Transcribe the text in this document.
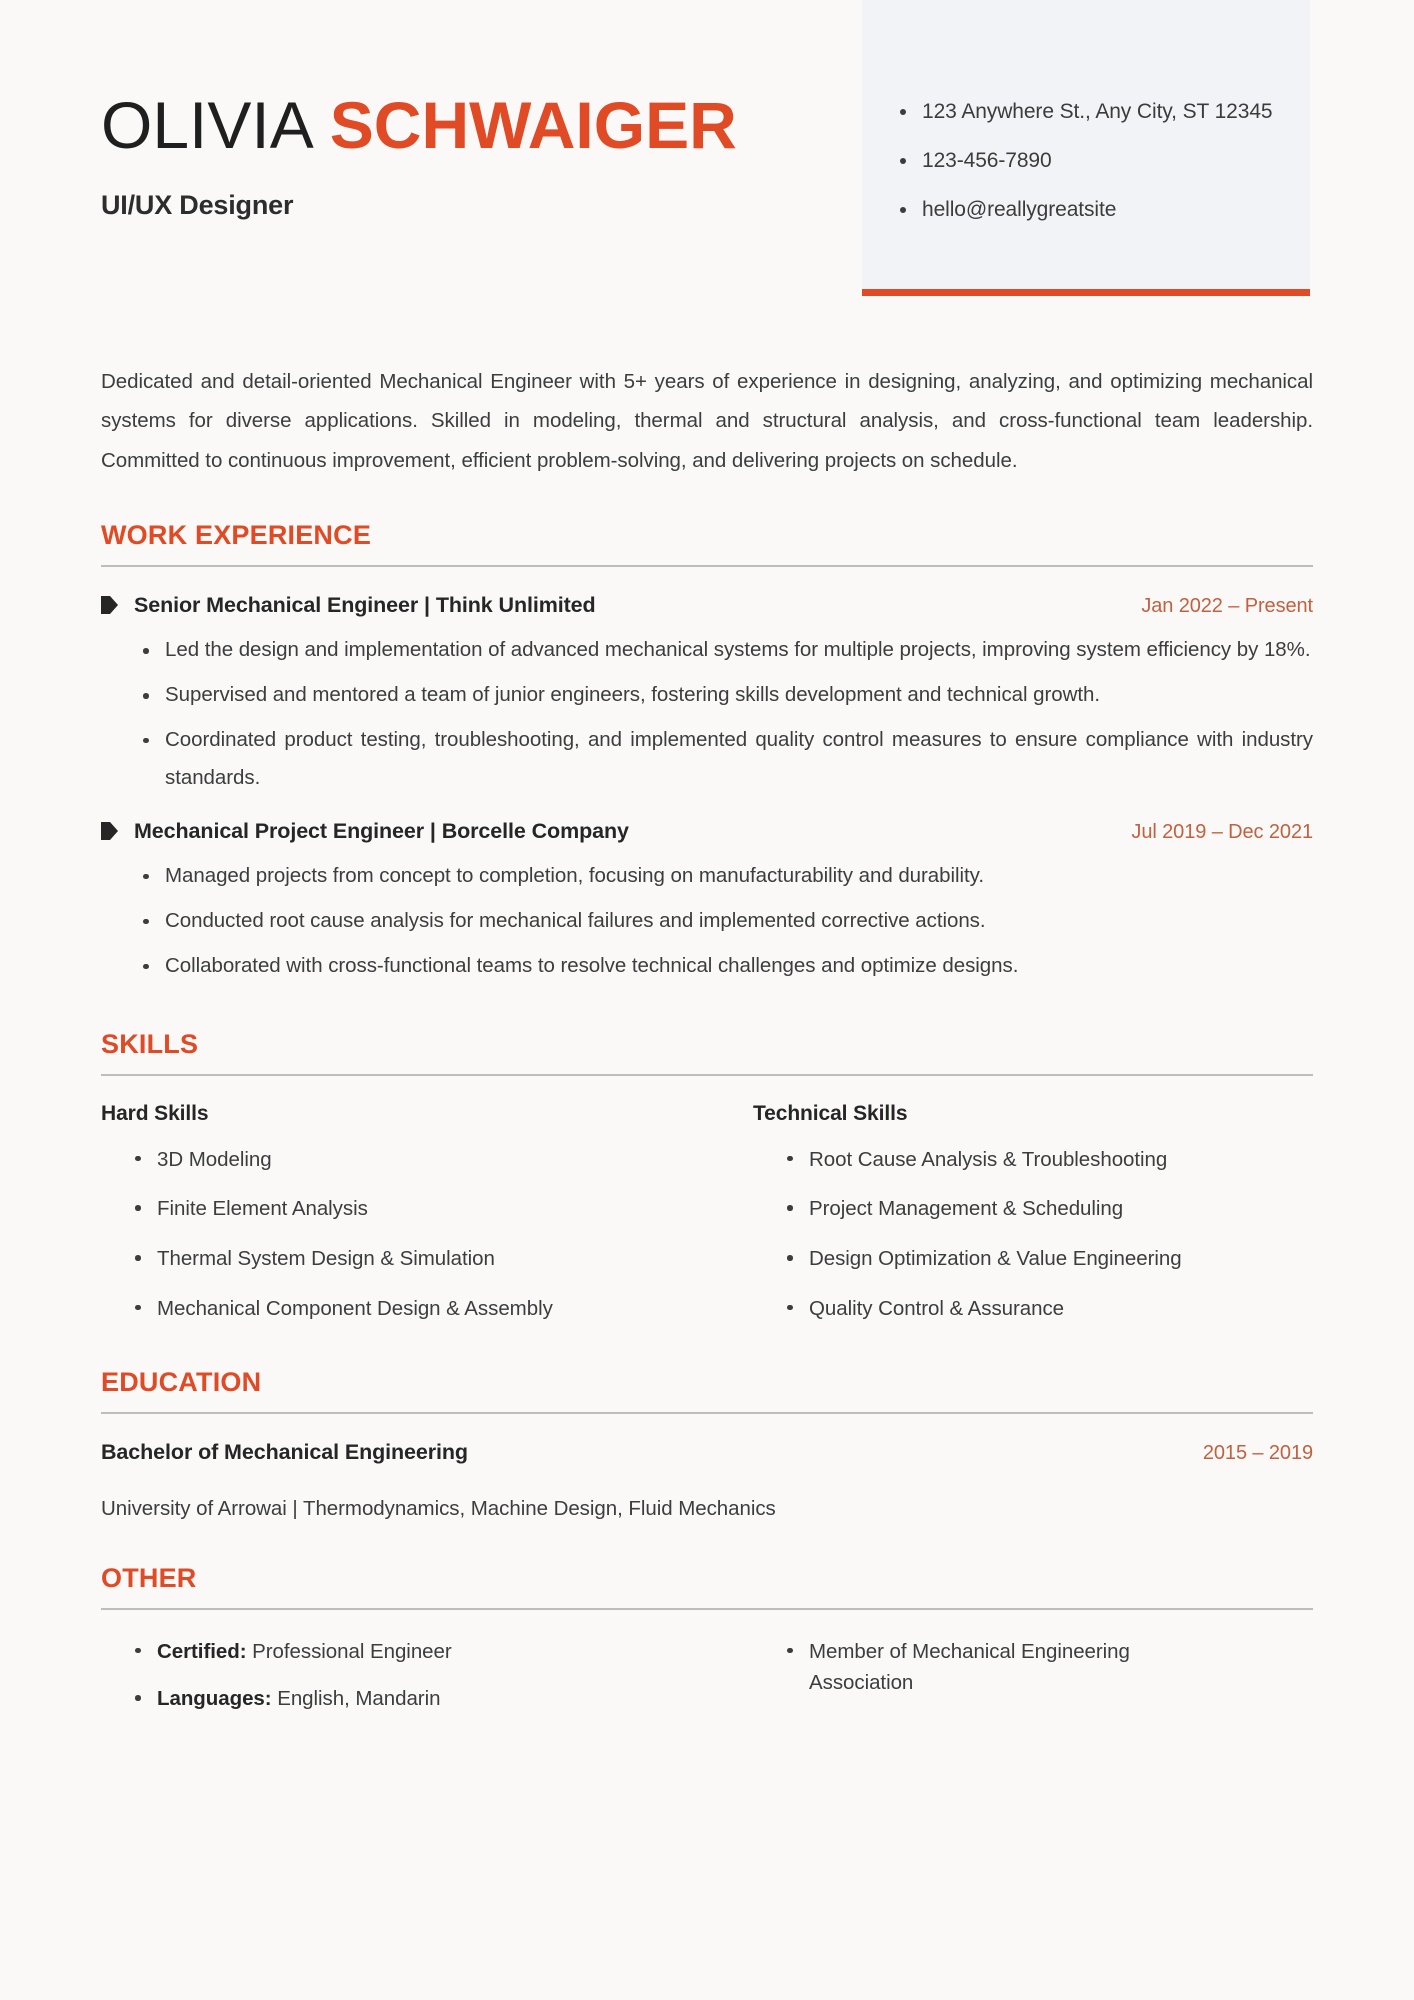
123 Anywhere St., Any City, ST 12345
123-456-7890
hello@reallygreatsite
OLIVIA SCHWAIGER
UI/UX Designer

Dedicated and detail-oriented Mechanical Engineer with 5+ years of experience in designing, analyzing, and optimizing mechanical systems for diverse applications. Skilled in modeling, thermal and structural analysis, and cross-functional team leadership. Committed to continuous improvement, efficient problem-solving, and delivering projects on schedule.

WORK EXPERIENCE
Senior Mechanical Engineer | Think Unlimited	Jan 2022 – Present
Led the design and implementation of advanced mechanical systems for multiple projects, improving system efficiency by 18%.
Supervised and mentored a team of junior engineers, fostering skills development and technical growth.
Coordinated product testing, troubleshooting, and implemented quality control measures to ensure compliance with industry standards.
Mechanical Project Engineer | Borcelle Company	Jul 2019 – Dec 2021
Managed projects from concept to completion, focusing on manufacturability and durability.
Conducted root cause analysis for mechanical failures and implemented corrective actions.
Collaborated with cross-functional teams to resolve technical challenges and optimize designs.
SKILLS
Hard Skills
3D Modeling
Finite Element Analysis
Thermal System Design & Simulation
Mechanical Component Design & Assembly
Technical Skills
Root Cause Analysis & Troubleshooting
Project Management & Scheduling
Design Optimization & Value Engineering
Quality Control & Assurance
EDUCATION
Bachelor of Mechanical Engineering	2015 – 2019
University of Arrowai | Thermodynamics, Machine Design, Fluid Mechanics
OTHER
Certified: Professional Engineer
Languages: English, Mandarin
Member of Mechanical Engineering Association
